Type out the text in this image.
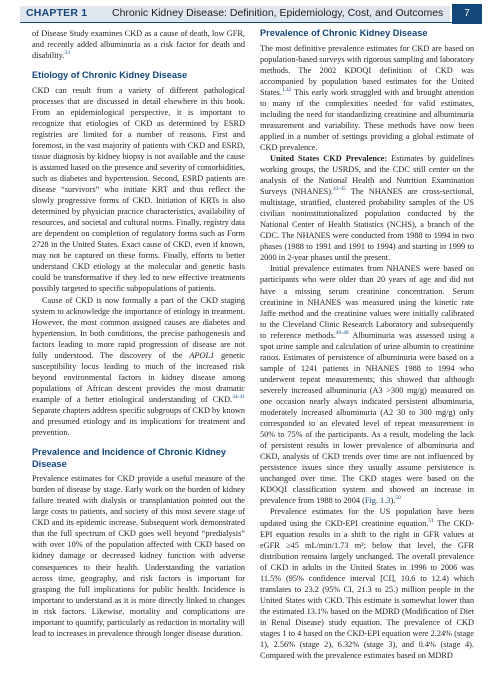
CHAPTER 1 Chronic Kidney Disease: Definition, Epidemiology, Cost, and Outcomes	7

of Disease Study examines CKD as a cause of death, low GFR, and recently added albuminuria as a risk factor for death and disability.$^{33}$

Etiology of Chronic Kidney Disease

CKD can result from a variety of different pathological processes that are discussed in detail elsewhere in this book. From an epidemiological perspective, it is important to recognize that etiologies of CKD as determined by ESRD registries are limited for a number of reasons. First and foremost, in the vast majority of patients with CKD and ESRD, tissue diagnosis by kidney biopsy is not available and the cause is assumed based on the presence and severity of comorbidities, such as diabetes and hypertension. Second, ESRD patients are disease “survivors” who initiate KRT and thus reflect the slowly progressive forms of CKD. Initiation of KRTs is also determined by physician practice characteristics, availability of resources, and societal and cultural norms. Finally, registry data are dependent on completion of regulatory forms such as Form 2728 in the United States. Exact cause of CKD, even if known, may not be captured on these forms. Finally, efforts to better understand CKD etiology at the molecular and genetic basis could be transformative if they led to new effective treatments possibly targeted to specific subpopulations of patients.

Cause of CKD is now formally a part of the CKD staging system to acknowledge the importance of etiology in treatment. However, the most common assigned causes are diabetes and hypertension. In both conditions, the precise pathogenesis and factors leading to more rapid progression of disease are not fully understood. The discovery of the APOL1 genetic susceptibility locus leading to much of the increased risk beyond environmental factors in kidney disease among populations of African descent provides the most dramatic example of a better etiological understanding of CKD.$^{34-41}$ Separate chapters address specific subgroups of CKD by known and presumed etiology and its implications for treatment and prevention.

Prevalence and Incidence of Chronic Kidney Disease

Prevalence estimates for CKD provide a useful measure of the burden of disease by stage. Early work on the burden of kidney failure treated with dialysis or transplantation pointed out the large costs to patients, and society of this most severe stage of CKD and its epidemic increase. Subsequent work demonstrated that the full spectrum of CKD goes well beyond “predialysis” with over 10% of the population affected with CKD based on kidney damage or decreased kidney function with adverse consequences to their health. Understanding the variation across time, geography, and risk factors is important for grasping the full implications for public health. Incidence is important to understand as it is more directly linked to changes in risk factors. Likewise, mortality and complications are important to quantify, particularly as reduction in mortality will lead to increases in prevalence through longer disease duration.

Prevalence of Chronic Kidney Disease

The most definitive prevalence estimates for CKD are based on population-based surveys with rigorous sampling and laboratory methods. The 2002 KDOQI definition of CKD was accompanied by population based estimates for the United States.$^{1,42}$ This early work struggled with and brought attention to many of the complexities needed for valid estimates, including the need for standardizing creatinine and albuminuria measurement and variability. These methods have now been applied in a number of settings providing a global estimate of CKD prevalence.

United States CKD Prevalence: Estimates by guidelines working groups, the USRDS, and the CDC still center on the analysis of the National Health and Nutrition Examination Surveys (NHANES).$^{43-45}$ The NHANES are cross-sectional, multistage, stratified, clustered probability samples of the US civilian noninstitutionalized population conducted by the National Center of Health Statistics (NCHS), a branch of the CDC. The NHANES were conducted from 1988 to 1994 in two phases (1988 to 1991 and 1991 to 1994) and starting in 1999 to 2000 in 2-year phases until the present.

Initial prevalence estimates from NHANES were based on participants who were older than 20 years of age and did not have a missing serum creatinine concentration. Serum creatinine in NHANES was measured using the kinetic rate Jaffe method and the creatinine values were initially calibrated to the Cleveland Clinic Research Laboratory and subsequently to reference methods.$^{46-48}$ Albuminuria was assessed using a spot urine sample and calculation of urine albumin to creatinine ratios. Estimates of persistence of albuminuria were based on a sample of 1241 patients in NHANES 1988 to 1994 who underwent repeat measurements; this showed that although severely increased albuminuria (A3 >300 mg/g) measured on one occasion nearly always indicated persistent albuminuria, moderately increased albuminuria (A2 30 to 300 mg/g) only corresponded to an elevated level of repeat measurement in 50% to 75% of the participants. As a result, modeling the lack of persistent results in lower prevalence of albuminuria and CKD, analysis of CKD trends over time are not influenced by persistence issues since they usually assume persistence is unchanged over time. The CKD stages were based on the KDOQI classification system and showed an increase in prevalence from 1988 to 2004 (Fig. 1.3).$^{50}$

Prevalence estimates for the US population have been updated using the CKD-EPI creatinine equation.$^{51}$ The CKD-EPI equation results in a shift to the right in GFR values at eGFR ≥45 mL/min/1.73 m²; below that level, the GFR distribution remains largely unchanged. The overall prevalence of CKD in adults in the United States in 1996 to 2006 was 11.5% (95% confidence interval [CI], 10.6 to 12.4) which translates to 23.2 (95% CI, 21.3 to 25.) million people in the United States with CKD. This estimate is somewhat lower than the estimated 13.1% based on the MDRD (Modification of Diet in Renal Disease) study equation. The prevalence of CKD stages 1 to 4 based on the CKD-EPI equation were 2.24% (stage 1), 2.56% (stage 2), 6.32% (stage 3), and 0.4% (stage 4). Compared with the prevalence estimates based on MDRD
